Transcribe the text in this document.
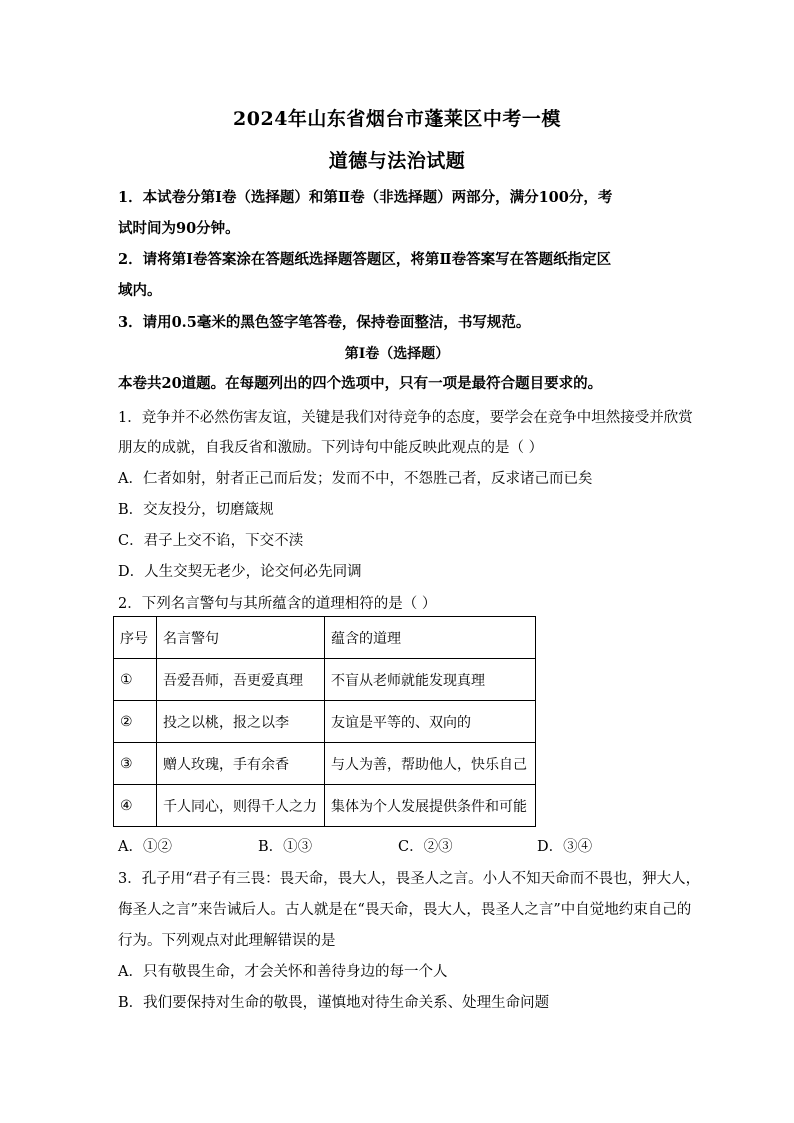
2024年山东省烟台市蓬莱区中考一模
道德与法治试题
1．本试卷分第Ⅰ卷（选择题）和第Ⅱ卷（非选择题）两部分，满分100分，考
试时间为90分钟。
2．请将第Ⅰ卷答案涂在答题纸选择题答题区，将第Ⅱ卷答案写在答题纸指定区
域内。
3．请用0.5毫米的黑色签字笔答卷，保持卷面整洁，书写规范。
第Ⅰ卷（选择题）
本卷共20道题。在每题列出的四个选项中，只有一项是最符合题目要求的。
1．竞争并不必然伤害友谊，关键是我们对待竞争的态度，要学会在竞争中坦然接受并欣赏
朋友的成就，自我反省和激励。下列诗句中能反映此观点的是（ ）
A．仁者如射，射者正己而后发；发而不中，不怨胜己者，反求诸己而已矣
B．交友投分，切磨箴规
C．君子上交不谄，下交不渎
D．人生交契无老少，论交何必先同调
2．下列名言警句与其所蕴含的道理相符的是（ ）
序号	名言警句	蕴含的道理
①	吾爱吾师，吾更爱真理	不盲从老师就能发现真理
②	投之以桃，报之以李	友谊是平等的、双向的
③	赠人玫瑰，手有余香	与人为善，帮助他人，快乐自己
④	千人同心，则得千人之力	集体为个人发展提供条件和可能
A．①②	B．①③	C．②③	D．③④
3．孔子用“君子有三畏：畏天命，畏大人，畏圣人之言。小人不知天命而不畏也，狎大人，
侮圣人之言”来告诫后人。古人就是在“畏天命，畏大人，畏圣人之言”中自觉地约束自己的
行为。下列观点对此理解错误的是
A．只有敬畏生命，才会关怀和善待身边的每一个人
B．我们要保持对生命的敬畏，谨慎地对待生命关系、处理生命问题
